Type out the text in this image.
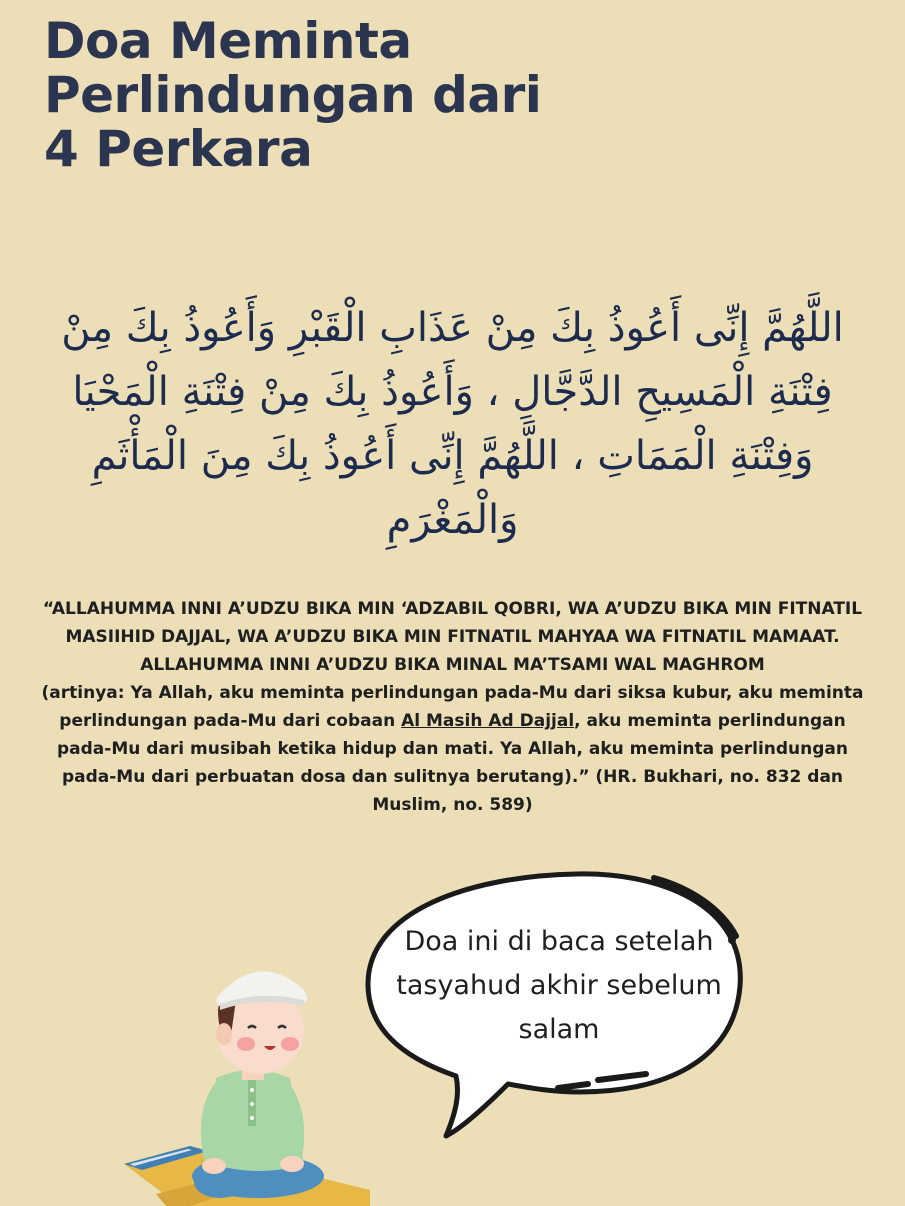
Doa Meminta
Perlindungan dari
4 Perkara
اللَّهُمَّ إِنِّى أَعُوذُ بِكَ مِنْ عَذَابِ الْقَبْرِ وَأَعُوذُ بِكَ مِنْ
فِتْنَةِ الْمَسِيحِ الدَّجَّالِ ، وَأَعُوذُ بِكَ مِنْ فِتْنَةِ الْمَحْيَا
وَفِتْنَةِ الْمَمَاتِ ، اللَّهُمَّ إِنِّى أَعُوذُ بِكَ مِنَ الْمَأْثَمِ
وَالْمَغْرَمِ
“ALLAHUMMA INNI A’UDZU BIKA MIN ‘ADZABIL QOBRI, WA A’UDZU BIKA MIN FITNATIL
MASIIHID DAJJAL, WA A’UDZU BIKA MIN FITNATIL MAHYAA WA FITNATIL MAMAAT.
ALLAHUMMA INNI A’UDZU BIKA MINAL MA’TSAMI WAL MAGHROM
(artinya: Ya Allah, aku meminta perlindungan pada-Mu dari siksa kubur, aku meminta
perlindungan pada-Mu dari cobaan Al Masih Ad Dajjal, aku meminta perlindungan
pada-Mu dari musibah ketika hidup dan mati. Ya Allah, aku meminta perlindungan
pada-Mu dari perbuatan dosa dan sulitnya berutang).” (HR. Bukhari, no. 832 dan
Muslim, no. 589)
Doa ini di baca setelah
tasyahud akhir sebelum
salam
